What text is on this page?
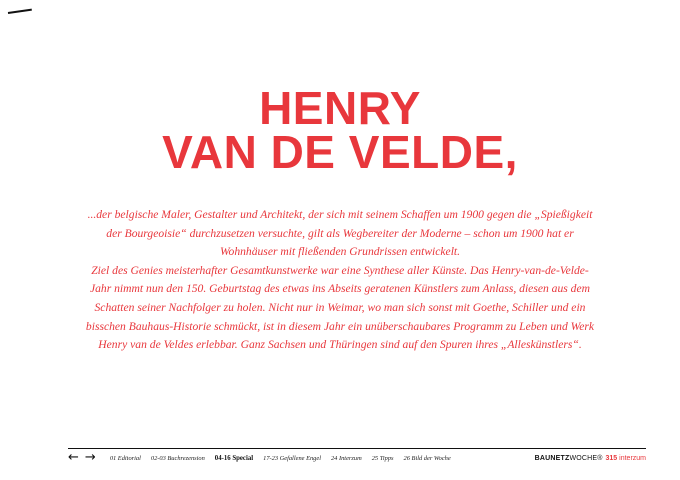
HENRY
VAN DE VELDE,

...der belgische Maler, Gestalter und Architekt, der sich mit seinem Schaffen um 1900 gegen die „Spießigkeit der Bourgeoisie“ durchzusetzen versuchte, gilt als Wegbereiter der Moderne – schon um 1900 hat er Wohnhäuser mit fließenden Grundrissen entwickelt.
Ziel des Genies meisterhafter Gesamtkunstwerke war eine Synthese aller Künste. Das Henry-van-de-Velde-Jahr nimmt nun den 150. Geburtstag des etwas ins Abseits geratenen Künstlers zum Anlass, diesen aus dem Schatten seiner Nachfolger zu holen. Nicht nur in Weimar, wo man sich sonst mit Goethe, Schiller und ein bisschen Bauhaus-Historie schmückt, ist in diesem Jahr ein unüberschaubares Programm zu Leben und Werk Henry van de Veldes erlebbar. Ganz Sachsen und Thüringen sind auf den Spuren ihres „Alleskünstlers“.

← → 01 Editorial 02-03 Buchrezension 04-16 Special 17-23 Gefallene Engel 24 Interzum 25 Tipps 26 Bild der Woche	BAUNETZ WOCHE ® 315 interzum
